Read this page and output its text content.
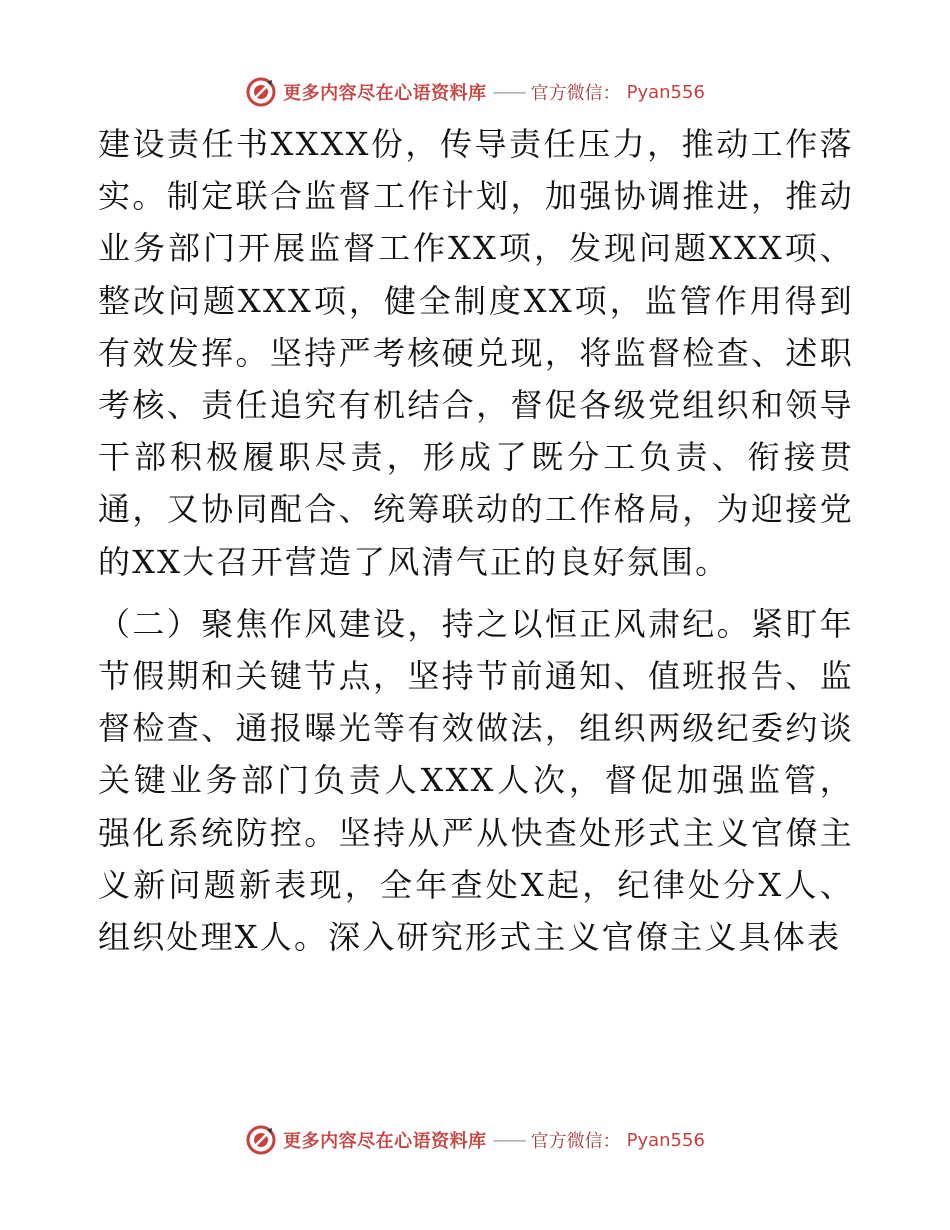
更多内容尽在心语资料库 —— 官方微信： Pyan556

建设责任书XXXX份，传导责任压力，推动工作落实。制定联合监督工作计划，加强协调推进，推动业务部门开展监督工作XX项，发现问题XXX项、整改问题XXX项，健全制度XX项，监管作用得到有效发挥。坚持严考核硬兑现，将监督检查、述职考核、责任追究有机结合，督促各级党组织和领导干部积极履职尽责，形成了既分工负责、衔接贯通，又协同配合、统筹联动的工作格局，为迎接党的XX大召开营造了风清气正的良好氛围。

（二）聚焦作风建设，持之以恒正风肃纪。紧盯年节假期和关键节点，坚持节前通知、值班报告、监督检查、通报曝光等有效做法，组织两级纪委约谈关键业务部门负责人XXX人次，督促加强监管，强化系统防控。坚持从严从快查处形式主义官僚主义新问题新表现，全年查处X起，纪律处分X人、组织处理X人。深入研究形式主义官僚主义具体表

更多内容尽在心语资料库 —— 官方微信： Pyan556
